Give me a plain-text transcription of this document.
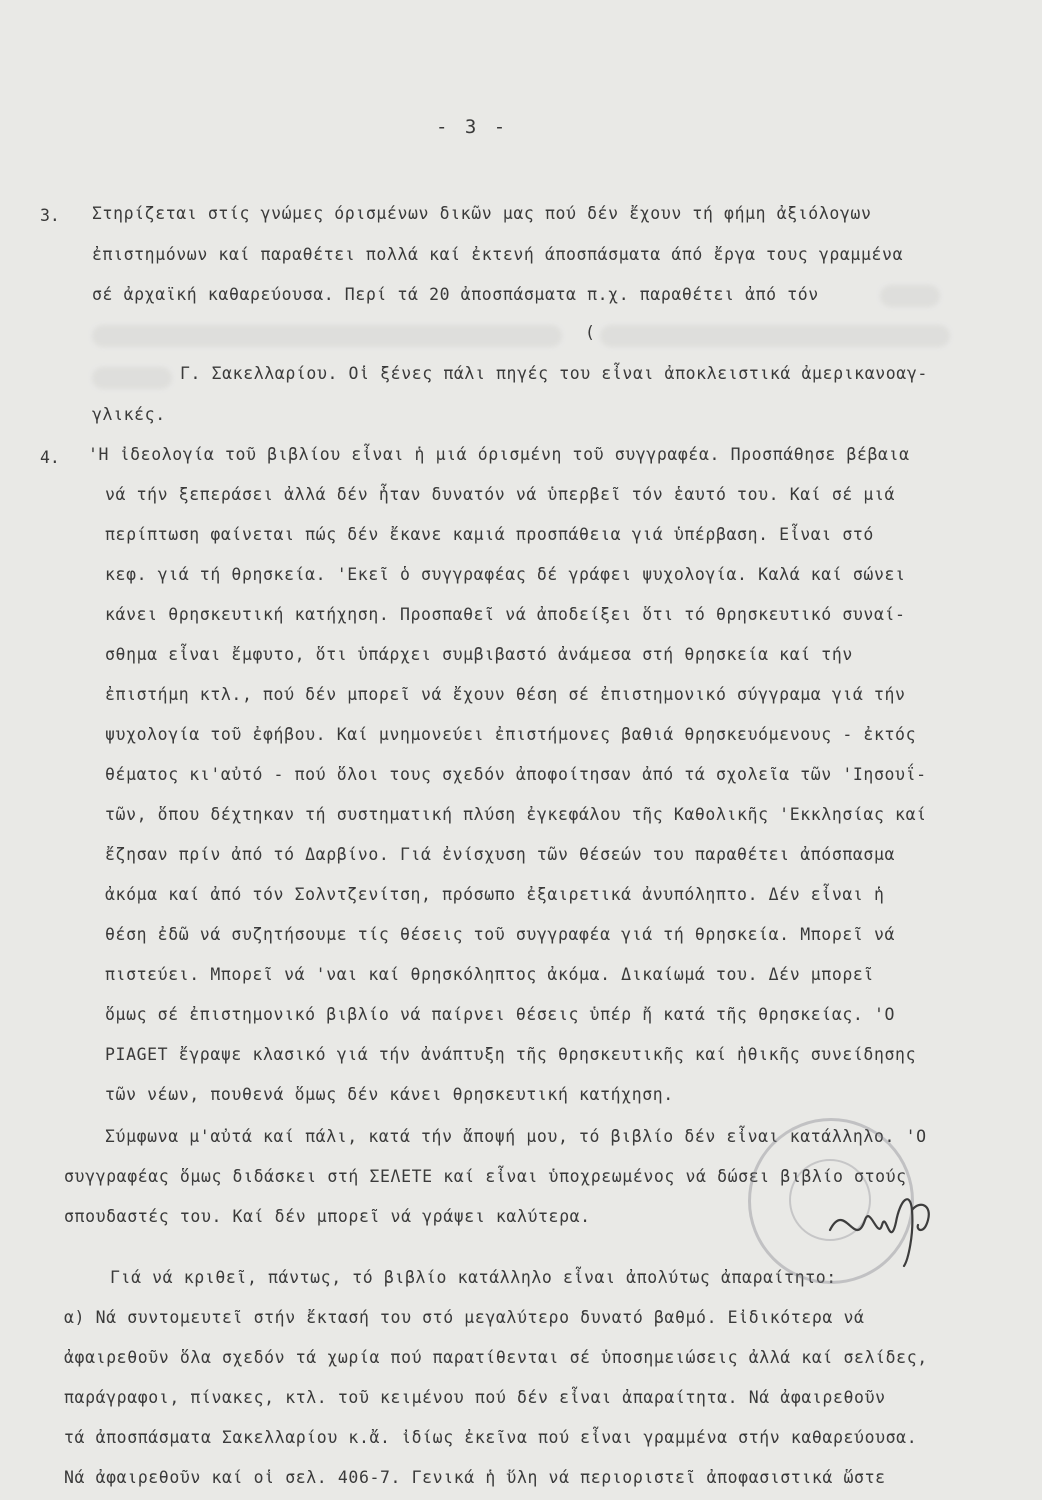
- 3 -
3. Στηρίζεται στίς γνώμες όρισμένων δικῶν μας πού δέν ἔχουν τή φήμη ἀξιόλογων
ἐπιστημόνων καί παραθέτει πολλά καί ἐκτενή άποσπάσματα άπό ἔργα τους γραμμένα
σέ ἀρχαϊκή καθαρεύουσα. Περί τά 20 ἀποσπάσματα π.χ. παραθέτει ἀπό τόν
(
Γ. Σακελλαρίου. Οἱ ξένες πάλι πηγές του εἶναι ἀποκλειστικά ἀμερικανοαγ-
γλικές.
4. 'Η ἰδεολογία τοῦ βιβλίου εἶναι ἡ μιά όρισμένη τοῦ συγγραφέα. Προσπάθησε βέβαια
νά τήν ξεπεράσει ἀλλά δέν ἦταν δυνατόν νά ὑπερβεῖ τόν ἑαυτό του. Καί σέ μιά
περίπτωση φαίνεται πώς δέν ἔκανε καμιά προσπάθεια γιά ὑπέρβαση. Εἶναι στό
κεφ. γιά τή θρησκεία. 'Εκεῖ ὁ συγγραφέας δέ γράφει ψυχολογία. Καλά καί σώνει
κάνει θρησκευτική κατήχηση. Προσπαθεῖ νά ἀποδείξει ὅτι τό θρησκευτικό συναί-
σθημα εἶναι ἔμφυτο, ὅτι ὑπάρχει συμβιβαστό ἀνάμεσα στή θρησκεία καί τήν
ἐπιστήμη κτλ., πού δέν μπορεῖ νά ἔχουν θέση σέ ἐπιστημονικό σύγγραμα γιά τήν
ψυχολογία τοῦ ἐφήβου. Καί μνημονεύει ἐπιστήμονες βαθιά θρησκευόμενους - ἐκτός
θέματος κι'αὐτό - πού ὅλοι τους σχεδόν ἀποφοίτησαν ἀπό τά σχολεῖα τῶν 'Ιησουΐ-
τῶν, ὅπου δέχτηκαν τή συστηματική πλύση ἐγκεφάλου τῆς Καθολικῆς 'Εκκλησίας καί
ἔζησαν πρίν ἀπό τό Δαρβίνο. Γιά ἐνίσχυση τῶν θέσεών του παραθέτει ἀπόσπασμα
ἀκόμα καί ἀπό τόν Σολντζενίτση, πρόσωπο ἐξαιρετικά ἀνυπόληπτο. Δέν εἶναι ἡ
θέση ἐδῶ νά συζητήσουμε τίς θέσεις τοῦ συγγραφέα γιά τή θρησκεία. Μπορεῖ νά
πιστεύει. Μπορεῖ νά 'ναι καί θρησκόληπτος ἀκόμα. Δικαίωμά του. Δέν μπορεῖ
ὅμως σέ ἐπιστημονικό βιβλίο νά παίρνει θέσεις ὑπέρ ἤ κατά τῆς θρησκείας. 'Ο
PIAGET ἔγραψε κλασικό γιά τήν ἀνάπτυξη τῆς θρησκευτικῆς καί ἠθικῆς συνείδησης
τῶν νέων, πουθενά ὅμως δέν κάνει θρησκευτική κατήχηση.
Σύμφωνα μ'αὐτά καί πάλι, κατά τήν ἄποψή μου, τό βιβλίο δέν εἶναι κατάλληλο. 'Ο
συγγραφέας ὅμως διδάσκει στή ΣΕΛΕΤΕ καί εἶναι ὑποχρεωμένος νά δώσει βιβλίο στούς
σπουδαστές του. Καί δέν μπορεῖ νά γράψει καλύτερα.
Γιά νά κριθεῖ, πάντως, τό βιβλίο κατάλληλο εἶναι ἀπολύτως ἀπαραίτητο:
α) Νά συντομευτεῖ στήν ἔκτασή του στό μεγαλύτερο δυνατό βαθμό. Εἰδικότερα νά
ἀφαιρεθοῦν ὅλα σχεδόν τά χωρία πού παρατίθενται σέ ὑποσημειώσεις ἀλλά καί σελίδες,
παράγραφοι, πίνακες, κτλ. τοῦ κειμένου πού δέν εἶναι ἀπαραίτητα. Νά ἀφαιρεθοῦν
τά ἀποσπάσματα Σακελλαρίου κ.ἄ. ἰδίως ἐκεῖνα πού εἶναι γραμμένα στήν καθαρεύουσα.
Νά ἀφαιρεθοῦν καί οἱ σελ. 406-7. Γενικά ἡ ὕλη νά περιοριστεῖ ἀποφασιστικά ὥστε
